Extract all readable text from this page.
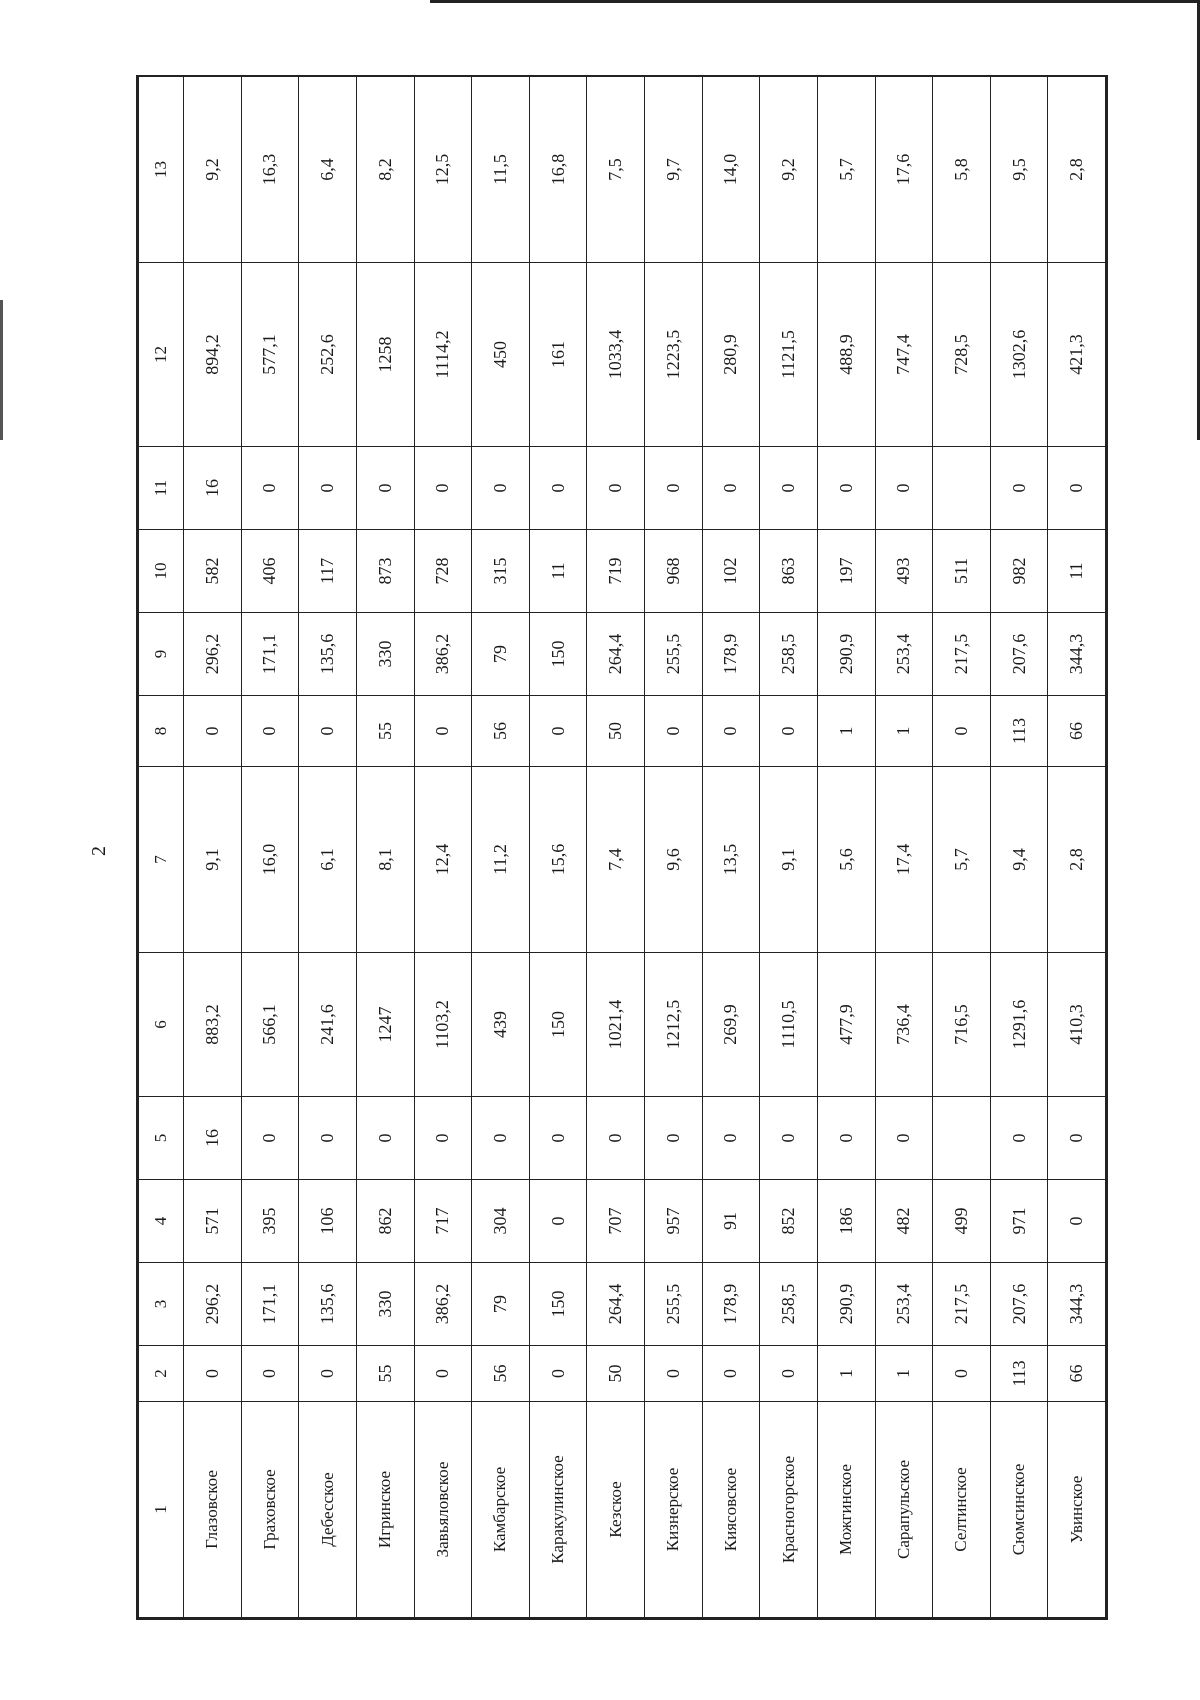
2
1	2	3	4	5	6	7	8	9	10	11	12	13
Глазовское	0	296,2	571	16	883,2	9,1	0	296,2	582	16	894,2	9,2
Граховское	0	171,1	395	0	566,1	16,0	0	171,1	406	0	577,1	16,3
Дебесское	0	135,6	106	0	241,6	6,1	0	135,6	117	0	252,6	6,4
Игринское	55	330	862	0	1247	8,1	55	330	873	0	1258	8,2
Завьяловское	0	386,2	717	0	1103,2	12,4	0	386,2	728	0	1114,2	12,5
Камбарское	56	79	304	0	439	11,2	56	79	315	0	450	11,5
Каракулинское	0	150	0	0	150	15,6	0	150	11	0	161	16,8
Кезское	50	264,4	707	0	1021,4	7,4	50	264,4	719	0	1033,4	7,5
Кизнерское	0	255,5	957	0	1212,5	9,6	0	255,5	968	0	1223,5	9,7
Киясовское	0	178,9	91	0	269,9	13,5	0	178,9	102	0	280,9	14,0
Красногорское	0	258,5	852	0	1110,5	9,1	0	258,5	863	0	1121,5	9,2
Можгинское	1	290,9	186	0	477,9	5,6	1	290,9	197	0	488,9	5,7
Сарапульское	1	253,4	482	0	736,4	17,4	1	253,4	493	0	747,4	17,6
Селтинское	0	217,5	499		716,5	5,7	0	217,5	511		728,5	5,8
Сюмсинское	113	207,6	971	0	1291,6	9,4	113	207,6	982	0	1302,6	9,5
Увинское	66	344,3	0	0	410,3	2,8	66	344,3	11	0	421,3	2,8
